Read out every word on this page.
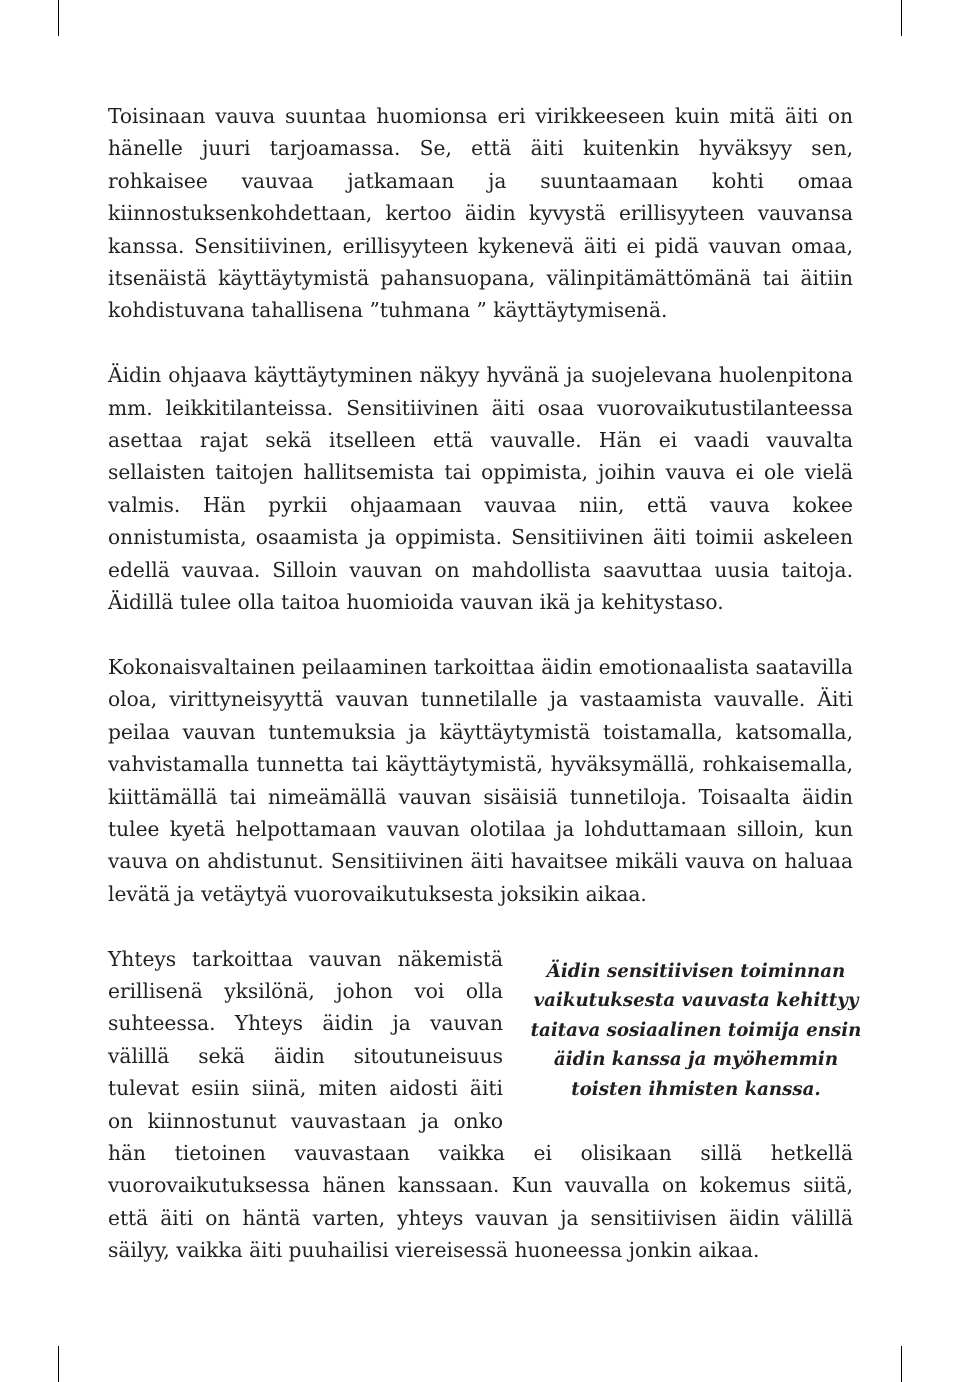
Toisinaan vauva suuntaa huomionsa eri virikkeeseen kuin mitä äiti on hänelle juuri tarjoamassa. Se, että äiti kuitenkin hyväksyy sen, rohkaisee vauvaa jatkamaan ja suuntaamaan kohti omaa kiinnostuksenkohdettaan, kertoo äidin kyvystä erillisyyteen vauvansa kanssa. Sensitiivinen, erillisyyteen kykenevä äiti ei pidä vauvan omaa, itsenäistä käyttäytymistä pahansuopana, välinpitämättömänä tai äitiin kohdistuvana tahallisena ”tuhmana ” käyttäytymisenä.

Äidin ohjaava käyttäytyminen näkyy hyvänä ja suojelevana huolenpitona mm. leikkitilanteissa. Sensitiivinen äiti osaa vuorovaikutustilanteessa asettaa rajat sekä itselleen että vauvalle. Hän ei vaadi vauvalta sellaisten taitojen hallitsemista tai oppimista, joihin vauva ei ole vielä valmis. Hän pyrkii ohjaamaan vauvaa niin, että vauva kokee onnistumista, osaamista ja oppimista. Sensitiivinen äiti toimii askeleen edellä vauvaa. Silloin vauvan on mahdollista saavuttaa uusia taitoja. Äidillä tulee olla taitoa huomioida vauvan ikä ja kehitystaso.

Kokonaisvaltainen peilaaminen tarkoittaa äidin emotionaalista saatavilla oloa, virittyneisyyttä vauvan tunnetilalle ja vastaamista vauvalle. Äiti peilaa vauvan tuntemuksia ja käyttäytymistä toistamalla, katsomalla, vahvistamalla tunnetta tai käyttäytymistä, hyväksymällä, rohkaisemalla, kiittämällä tai nimeämällä vauvan sisäisiä tunnetiloja. Toisaalta äidin tulee kyetä helpottamaan vauvan olotilaa ja lohduttamaan silloin, kun vauva on ahdistunut. Sensitiivinen äiti havaitsee mikäli vauva on haluaa levätä ja vetäytyä vuorovaikutuksesta joksikin aikaa.

Äidin sensitiivisen toiminnan
vaikutuksesta vauvasta kehittyy
taitava sosiaalinen toimija ensin
äidin kanssa ja myöhemmin
toisten ihmisten kanssa.

Yhteys tarkoittaa vauvan näkemistä erillisenä yksilönä, johon voi olla suhteessa. Yhteys äidin ja vauvan välillä sekä äidin sitoutuneisuus tulevat esiin siinä, miten aidosti äiti on kiinnostunut vauvastaan ja onko hän tietoinen vauvastaan vaikka ei olisikaan sillä hetkellä vuorovaikutuksessa hänen kanssaan. Kun vauvalla on kokemus siitä, että äiti on häntä varten, yhteys vauvan ja sensitiivisen äidin välillä säilyy, vaikka äiti puuhailisi viereisessä huoneessa jonkin aikaa.
